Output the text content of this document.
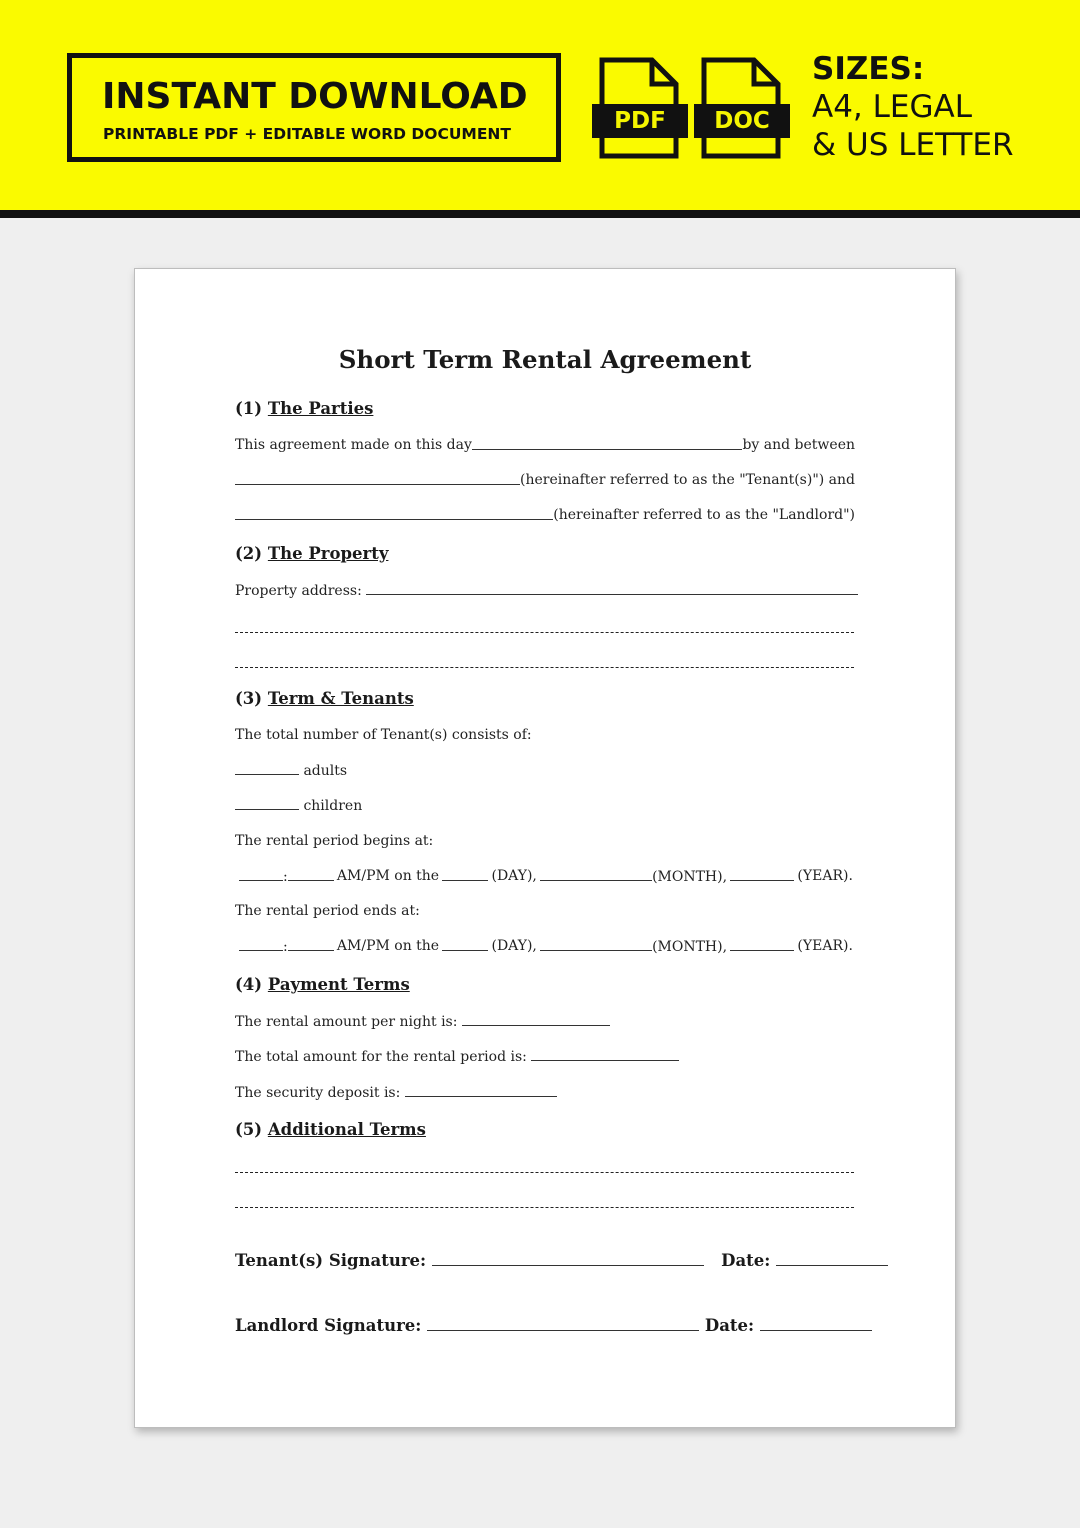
INSTANT DOWNLOAD
PRINTABLE PDF + EDITABLE WORD DOCUMENT	PDF	DOC
SIZES:
A4, LEGAL
& US LETTER
Short Term Rental Agreement
(1) The Parties
This agreement made on this day	by and between
(hereinafter referred to as the "Tenant(s)") and
(hereinafter referred to as the "Landlord")
(2) The Property
Property address:
(3) Term & Tenants
The total number of Tenant(s) consists of:
adults
children
The rental period begins at:
:	AM/PM on the	(DAY),	(MONTH),	(YEAR).
The rental period ends at:
:	AM/PM on the	(DAY),	(MONTH),	(YEAR).
(4) Payment Terms
The rental amount per night is:
The total amount for the rental period is:
The security deposit is:
(5) Additional Terms
Tenant(s) Signature:	Date:
Landlord Signature:	Date:
